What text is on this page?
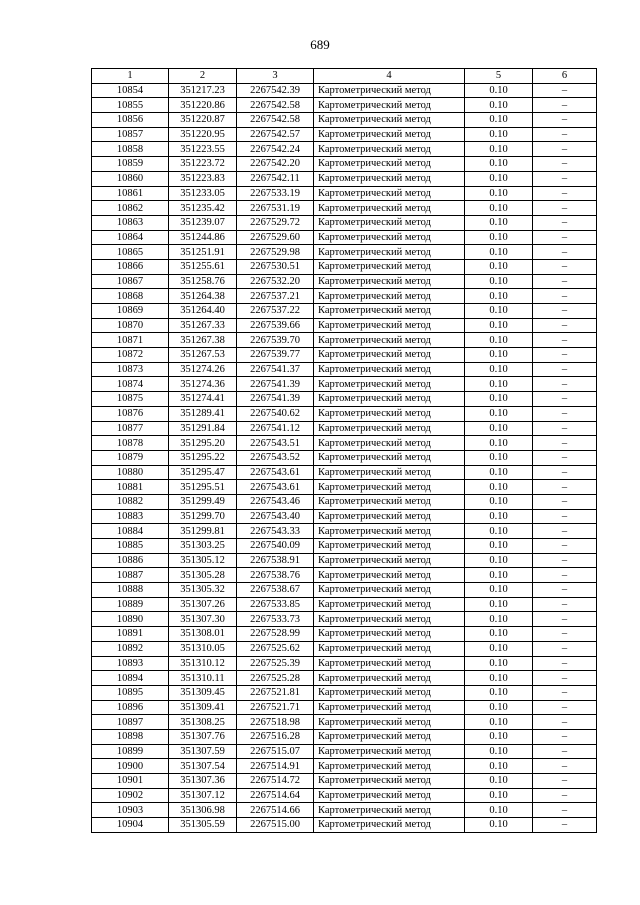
689
1	2	3	4	5	6
10854	351217.23	2267542.39	Картометрический метод	0.10	–
10855	351220.86	2267542.58	Картометрический метод	0.10	–
10856	351220.87	2267542.58	Картометрический метод	0.10	–
10857	351220.95	2267542.57	Картометрический метод	0.10	–
10858	351223.55	2267542.24	Картометрический метод	0.10	–
10859	351223.72	2267542.20	Картометрический метод	0.10	–
10860	351223.83	2267542.11	Картометрический метод	0.10	–
10861	351233.05	2267533.19	Картометрический метод	0.10	–
10862	351235.42	2267531.19	Картометрический метод	0.10	–
10863	351239.07	2267529.72	Картометрический метод	0.10	–
10864	351244.86	2267529.60	Картометрический метод	0.10	–
10865	351251.91	2267529.98	Картометрический метод	0.10	–
10866	351255.61	2267530.51	Картометрический метод	0.10	–
10867	351258.76	2267532.20	Картометрический метод	0.10	–
10868	351264.38	2267537.21	Картометрический метод	0.10	–
10869	351264.40	2267537.22	Картометрический метод	0.10	–
10870	351267.33	2267539.66	Картометрический метод	0.10	–
10871	351267.38	2267539.70	Картометрический метод	0.10	–
10872	351267.53	2267539.77	Картометрический метод	0.10	–
10873	351274.26	2267541.37	Картометрический метод	0.10	–
10874	351274.36	2267541.39	Картометрический метод	0.10	–
10875	351274.41	2267541.39	Картометрический метод	0.10	–
10876	351289.41	2267540.62	Картометрический метод	0.10	–
10877	351291.84	2267541.12	Картометрический метод	0.10	–
10878	351295.20	2267543.51	Картометрический метод	0.10	–
10879	351295.22	2267543.52	Картометрический метод	0.10	–
10880	351295.47	2267543.61	Картометрический метод	0.10	–
10881	351295.51	2267543.61	Картометрический метод	0.10	–
10882	351299.49	2267543.46	Картометрический метод	0.10	–
10883	351299.70	2267543.40	Картометрический метод	0.10	–
10884	351299.81	2267543.33	Картометрический метод	0.10	–
10885	351303.25	2267540.09	Картометрический метод	0.10	–
10886	351305.12	2267538.91	Картометрический метод	0.10	–
10887	351305.28	2267538.76	Картометрический метод	0.10	–
10888	351305.32	2267538.67	Картометрический метод	0.10	–
10889	351307.26	2267533.85	Картометрический метод	0.10	–
10890	351307.30	2267533.73	Картометрический метод	0.10	–
10891	351308.01	2267528.99	Картометрический метод	0.10	–
10892	351310.05	2267525.62	Картометрический метод	0.10	–
10893	351310.12	2267525.39	Картометрический метод	0.10	–
10894	351310.11	2267525.28	Картометрический метод	0.10	–
10895	351309.45	2267521.81	Картометрический метод	0.10	–
10896	351309.41	2267521.71	Картометрический метод	0.10	–
10897	351308.25	2267518.98	Картометрический метод	0.10	–
10898	351307.76	2267516.28	Картометрический метод	0.10	–
10899	351307.59	2267515.07	Картометрический метод	0.10	–
10900	351307.54	2267514.91	Картометрический метод	0.10	–
10901	351307.36	2267514.72	Картометрический метод	0.10	–
10902	351307.12	2267514.64	Картометрический метод	0.10	–
10903	351306.98	2267514.66	Картометрический метод	0.10	–
10904	351305.59	2267515.00	Картометрический метод	0.10	–
